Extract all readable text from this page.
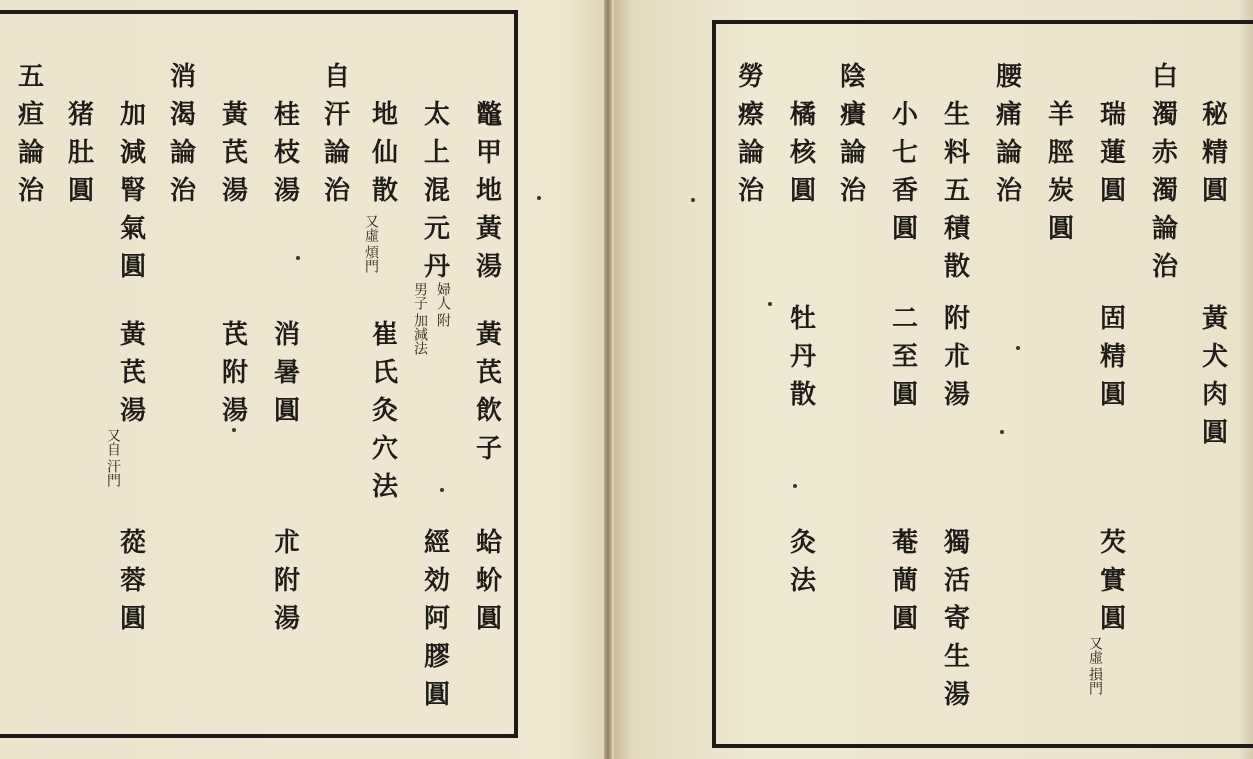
鼈
甲
地
黃
湯
黃
芪
飲
子
蛤
蚧
圓
太
上
混
元
丹
男子
加減法
婦人
附
經
効
阿
膠
圓
地
仙
散
又虛
煩門
崔
氏
灸
穴
法
自
汗
論
治
桂
枝
湯
消
暑
圓
朮
附
湯
黃
芪
湯
芪
附
湯
消
渴
論
治
加
減
腎
氣
圓
黃
芪
湯
又自
汗門
蓯
蓉
圓
猪
肚
圓
五
疸
論
治
秘
精
圓
黃
犬
肉
圓
白
濁
赤
濁
論
治
瑞
蓮
圓
固
精
圓
芡
實
圓
又虛
損門
羊
脛
炭
圓
腰
痛
論
治
生
料
五
積
散
附
朮
湯
獨
活
寄
生
湯
小
七
香
圓
二
至
圓
菴
蕳
圓
陰
㿉
論
治
橘
核
圓
牡
丹
散
灸
法
勞
瘵
論
治
